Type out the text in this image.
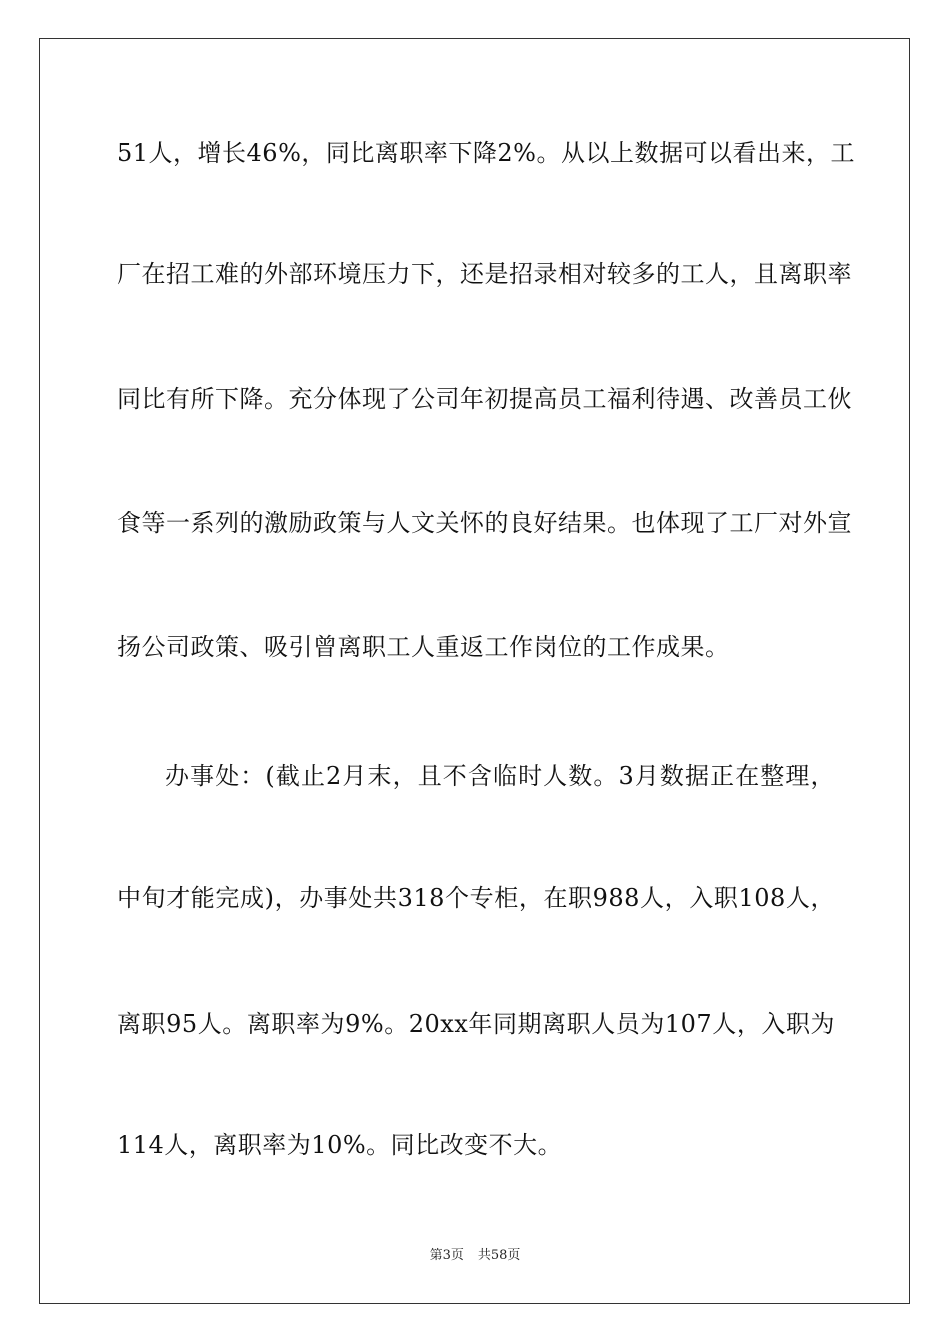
51人，增长46%，同比离职率下降2%。从以上数据可以看出来，工
厂在招工难的外部环境压力下，还是招录相对较多的工人，且离职率
同比有所下降。充分体现了公司年初提高员工福利待遇、改善员工伙
食等一系列的激励政策与人文关怀的良好结果。也体现了工厂对外宣
扬公司政策、吸引曾离职工人重返工作岗位的工作成果。
办事处：(截止2月末，且不含临时人数。3月数据正在整理，
中旬才能完成)，办事处共318个专柜，在职988人，入职108人，
离职95人。离职率为9%。20xx年同期离职人员为107人，入职为
114人，离职率为10%。同比改变不大。
第3页 共58页
